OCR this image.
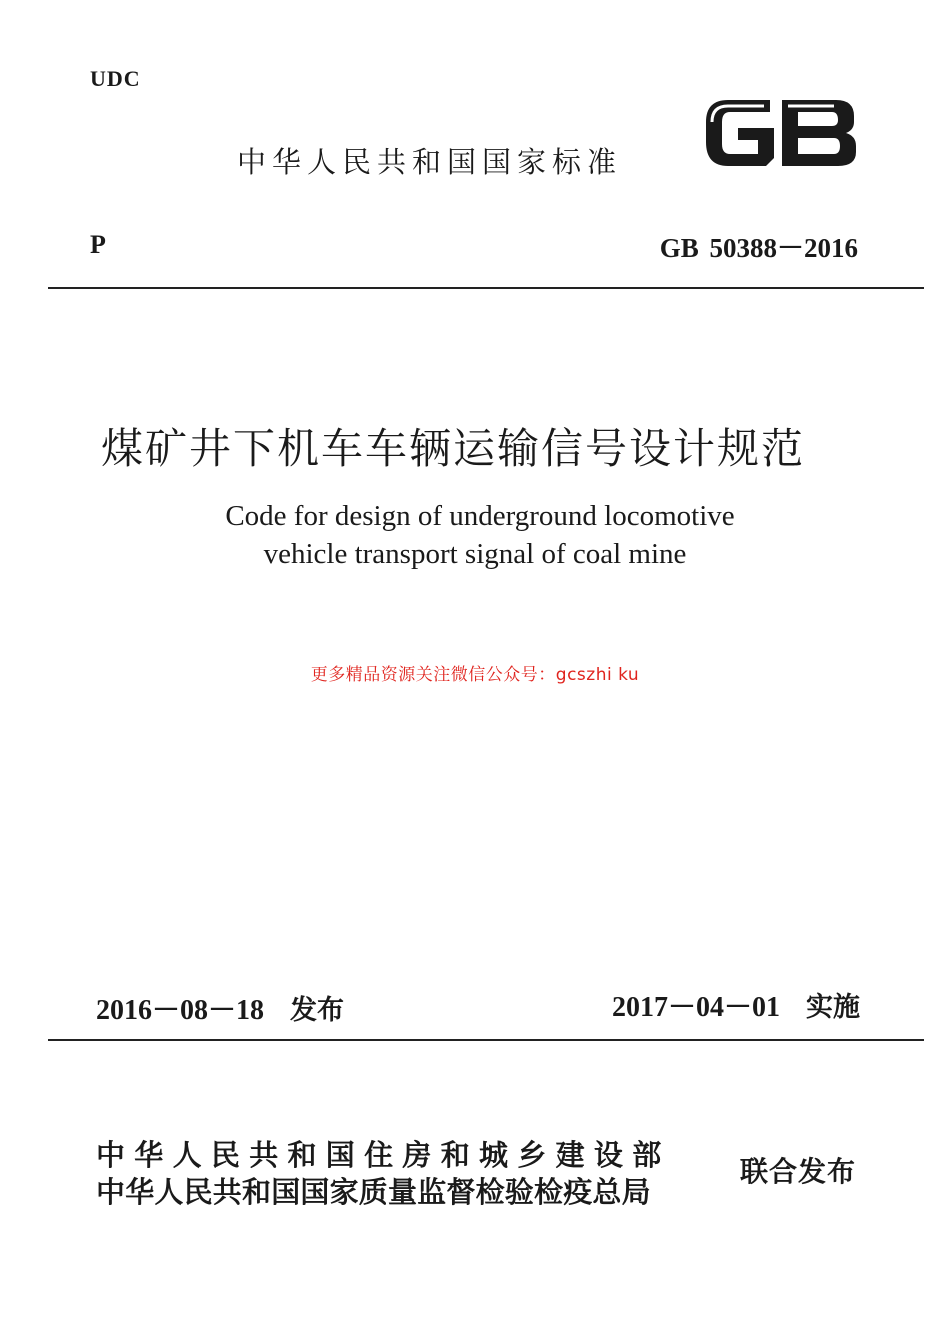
UDC
中华人民共和国国家标准
P	GB 50388－2016
煤矿井下机车车辆运输信号设计规范
Code for design of underground locomotive
vehicle transport signal of coal mine
更多精品资源关注微信公众号：gcszhi ku
2016－08－18 发布	2017－04－01 实施
中华人民共和国住房和城乡建设部
中华人民共和国国家质量监督检验检疫总局
联合发布
